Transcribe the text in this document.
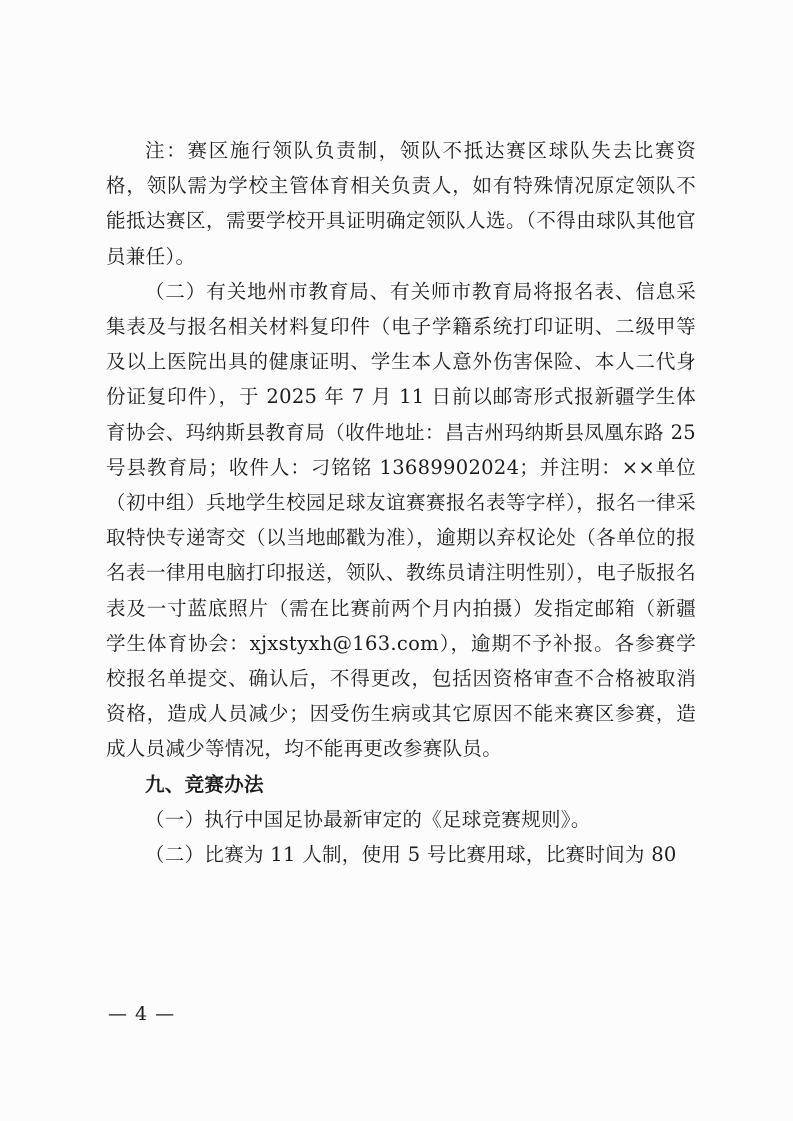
注：赛区施行领队负责制，领队不抵达赛区球队失去比赛资格，领队需为学校主管体育相关负责人，如有特殊情况原定领队不能抵达赛区，需要学校开具证明确定领队人选。（不得由球队其他官员兼任）。

（二）有关地州市教育局、有关师市教育局将报名表、信息采集表及与报名相关材料复印件（电子学籍系统打印证明、二级甲等及以上医院出具的健康证明、学生本人意外伤害保险、本人二代身份证复印件），于 2025 年 7 月 11 日前以邮寄形式报新疆学生体育协会、玛纳斯县教育局（收件地址：昌吉州玛纳斯县凤凰东路 25 号县教育局；收件人：刁铭铭 13689902024；并注明：××单位（初中组）兵地学生校园足球友谊赛赛报名表等字样），报名一律采取特快专递寄交（以当地邮戳为准），逾期以弃权论处（各单位的报名表一律用电脑打印报送，领队、教练员请注明性别），电子版报名表及一寸蓝底照片（需在比赛前两个月内拍摄）发指定邮箱（新疆学生体育协会：xjxstyxh@163.com），逾期不予补报。各参赛学校报名单提交、确认后，不得更改，包括因资格审查不合格被取消资格，造成人员减少；因受伤生病或其它原因不能来赛区参赛，造成人员减少等情况，均不能再更改参赛队员。

九、竞赛办法

（一）执行中国足协最新审定的《足球竞赛规则》。

（二）比赛为 11 人制，使用 5 号比赛用球，比赛时间为 80

— 4 —
